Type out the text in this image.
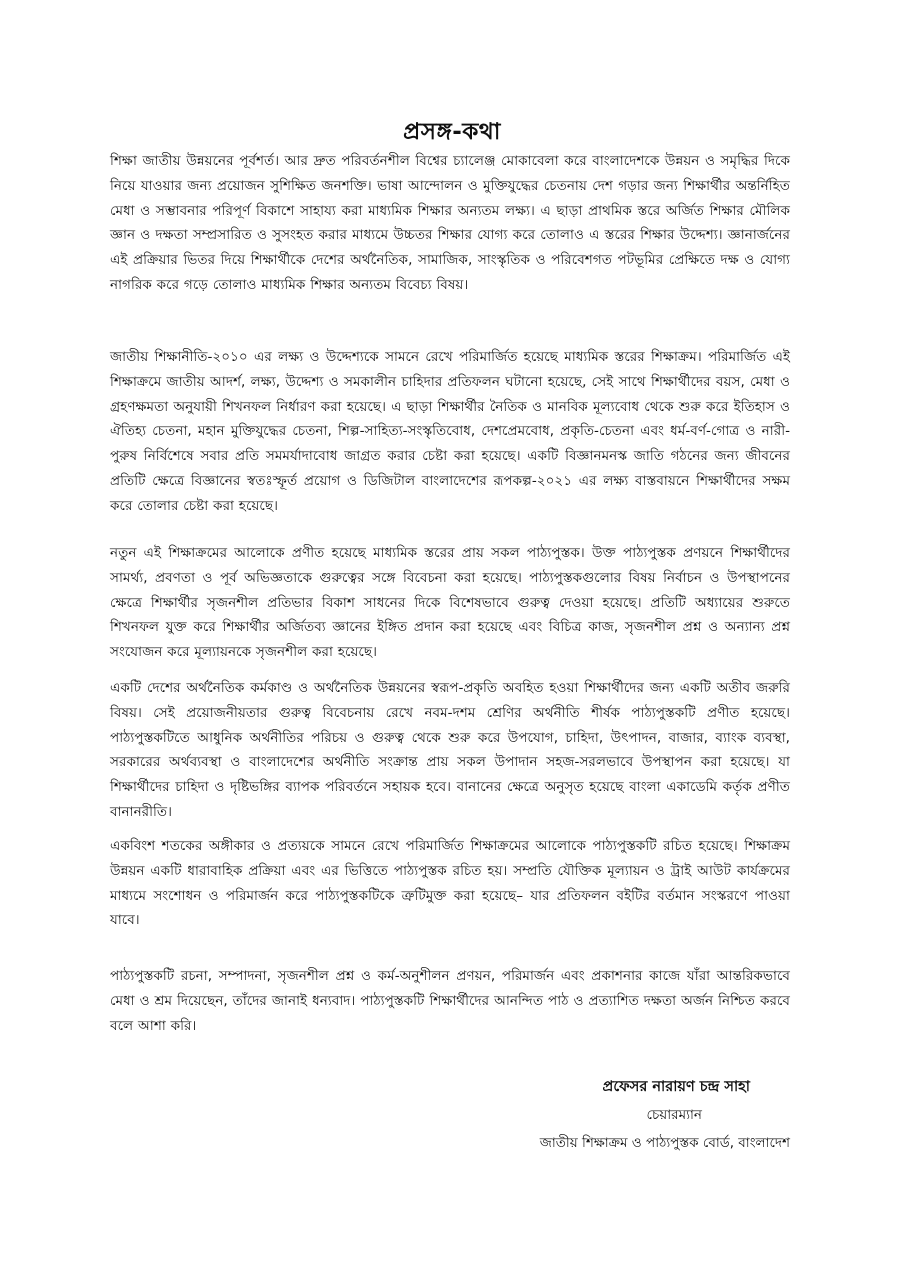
প্রসঙ্গ-কথা

শিক্ষা জাতীয় উন্নয়নের পূর্বশর্ত। আর দ্রুত পরিবর্তনশীল বিশ্বের চ্যালেঞ্জ মোকাবেলা করে বাংলাদেশকে উন্নয়ন ও সমৃদ্ধির দিকে নিয়ে যাওয়ার জন্য প্রয়োজন সুশিক্ষিত জনশক্তি। ভাষা আন্দোলন ও মুক্তিযুদ্ধের চেতনায় দেশ গড়ার জন্য শিক্ষার্থীর অন্তর্নিহিত মেধা ও সম্ভাবনার পরিপূর্ণ বিকাশে সাহায্য করা মাধ্যমিক শিক্ষার অন্যতম লক্ষ্য। এ ছাড়া প্রাথমিক স্তরে অর্জিত শিক্ষার মৌলিক জ্ঞান ও দক্ষতা সম্প্রসারিত ও সুসংহত করার মাধ্যমে উচ্চতর শিক্ষার যোগ্য করে তোলাও এ স্তরের শিক্ষার উদ্দেশ্য। জ্ঞানার্জনের এই প্রক্রিয়ার ভিতর দিয়ে শিক্ষার্থীকে দেশের অর্থনৈতিক, সামাজিক, সাংস্কৃতিক ও পরিবেশগত পটভূমির প্রেক্ষিতে দক্ষ ও যোগ্য নাগরিক করে গড়ে তোলাও মাধ্যমিক শিক্ষার অন্যতম বিবেচ্য বিষয়।

জাতীয় শিক্ষানীতি-২০১০ এর লক্ষ্য ও উদ্দেশ্যকে সামনে রেখে পরিমার্জিত হয়েছে মাধ্যমিক স্তরের শিক্ষাক্রম। পরিমার্জিত এই শিক্ষাক্রমে জাতীয় আদর্শ, লক্ষ্য, উদ্দেশ্য ও সমকালীন চাহিদার প্রতিফলন ঘটানো হয়েছে, সেই সাথে শিক্ষার্থীদের বয়স, মেধা ও গ্রহণক্ষমতা অনুযায়ী শিখনফল নির্ধারণ করা হয়েছে। এ ছাড়া শিক্ষার্থীর নৈতিক ও মানবিক মূল্যবোধ থেকে শুরু করে ইতিহাস ও ঐতিহ্য চেতনা, মহান মুক্তিযুদ্ধের চেতনা, শিল্প-সাহিত্য-সংস্কৃতিবোধ, দেশপ্রেমবোধ, প্রকৃতি-চেতনা এবং ধর্ম-বর্ণ-গোত্র ও নারী-পুরুষ নির্বিশেষে সবার প্রতি সমমর্যাদাবোধ জাগ্রত করার চেষ্টা করা হয়েছে। একটি বিজ্ঞানমনস্ক জাতি গঠনের জন্য জীবনের প্রতিটি ক্ষেত্রে বিজ্ঞানের স্বতঃস্ফূর্ত প্রয়োগ ও ডিজিটাল বাংলাদেশের রূপকল্প-২০২১ এর লক্ষ্য বাস্তবায়নে শিক্ষার্থীদের সক্ষম করে তোলার চেষ্টা করা হয়েছে।

নতুন এই শিক্ষাক্রমের আলোকে প্রণীত হয়েছে মাধ্যমিক স্তরের প্রায় সকল পাঠ্যপুস্তক। উক্ত পাঠ্যপুস্তক প্রণয়নে শিক্ষার্থীদের সামর্থ্য, প্রবণতা ও পূর্ব অভিজ্ঞতাকে গুরুত্বের সঙ্গে বিবেচনা করা হয়েছে। পাঠ্যপুস্তকগুলোর বিষয় নির্বাচন ও উপস্থাপনের ক্ষেত্রে শিক্ষার্থীর সৃজনশীল প্রতিভার বিকাশ সাধনের দিকে বিশেষভাবে গুরুত্ব দেওয়া হয়েছে। প্রতিটি অধ্যায়ের শুরুতে শিখনফল যুক্ত করে শিক্ষার্থীর অর্জিতব্য জ্ঞানের ইঙ্গিত প্রদান করা হয়েছে এবং বিচিত্র কাজ, সৃজনশীল প্রশ্ন ও অন্যান্য প্রশ্ন সংযোজন করে মূল্যায়নকে সৃজনশীল করা হয়েছে।

একটি দেশের অর্থনৈতিক কর্মকাণ্ড ও অর্থনৈতিক উন্নয়নের স্বরূপ-প্রকৃতি অবহিত হওয়া শিক্ষার্থীদের জন্য একটি অতীব জরুরি বিষয়। সেই প্রয়োজনীয়তার গুরুত্ব বিবেচনায় রেখে নবম-দশম শ্রেণির অর্থনীতি শীর্ষক পাঠ্যপুস্তকটি প্রণীত হয়েছে। পাঠ্যপুস্তকটিতে আধুনিক অর্থনীতির পরিচয় ও গুরুত্ব থেকে শুরু করে উপযোগ, চাহিদা, উৎপাদন, বাজার, ব্যাংক ব্যবস্থা, সরকারের অর্থব্যবস্থা ও বাংলাদেশের অর্থনীতি সংক্রান্ত প্রায় সকল উপাদান সহজ-সরলভাবে উপস্থাপন করা হয়েছে। যা শিক্ষার্থীদের চাহিদা ও দৃষ্টিভঙ্গির ব্যাপক পরিবর্তনে সহায়ক হবে। বানানের ক্ষেত্রে অনুসৃত হয়েছে বাংলা একাডেমি কর্তৃক প্রণীত বানানরীতি।

একবিংশ শতকের অঙ্গীকার ও প্রত্যয়কে সামনে রেখে পরিমার্জিত শিক্ষাক্রমের আলোকে পাঠ্যপুস্তকটি রচিত হয়েছে। শিক্ষাক্রম উন্নয়ন একটি ধারাবাহিক প্রক্রিয়া এবং এর ভিত্তিতে পাঠ্যপুস্তক রচিত হয়। সম্প্রতি যৌক্তিক মূল্যায়ন ও ট্রাই আউট কার্যক্রমের মাধ্যমে সংশোধন ও পরিমার্জন করে পাঠ্যপুস্তকটিকে ত্রুটিমুক্ত করা হয়েছে– যার প্রতিফলন বইটির বর্তমান সংস্করণে পাওয়া যাবে।

পাঠ্যপুস্তকটি রচনা, সম্পাদনা, সৃজনশীল প্রশ্ন ও কর্ম-অনুশীলন প্রণয়ন, পরিমার্জন এবং প্রকাশনার কাজে যাঁরা আন্তরিকভাবে মেধা ও শ্রম দিয়েছেন, তাঁদের জানাই ধন্যবাদ। পাঠ্যপুস্তকটি শিক্ষার্থীদের আনন্দিত পাঠ ও প্রত্যাশিত দক্ষতা অর্জন নিশ্চিত করবে বলে আশা করি।

প্রফেসর নারায়ণ চন্দ্র সাহা
চেয়ারম্যান
জাতীয় শিক্ষাক্রম ও পাঠ্যপুস্তক বোর্ড, বাংলাদেশ
